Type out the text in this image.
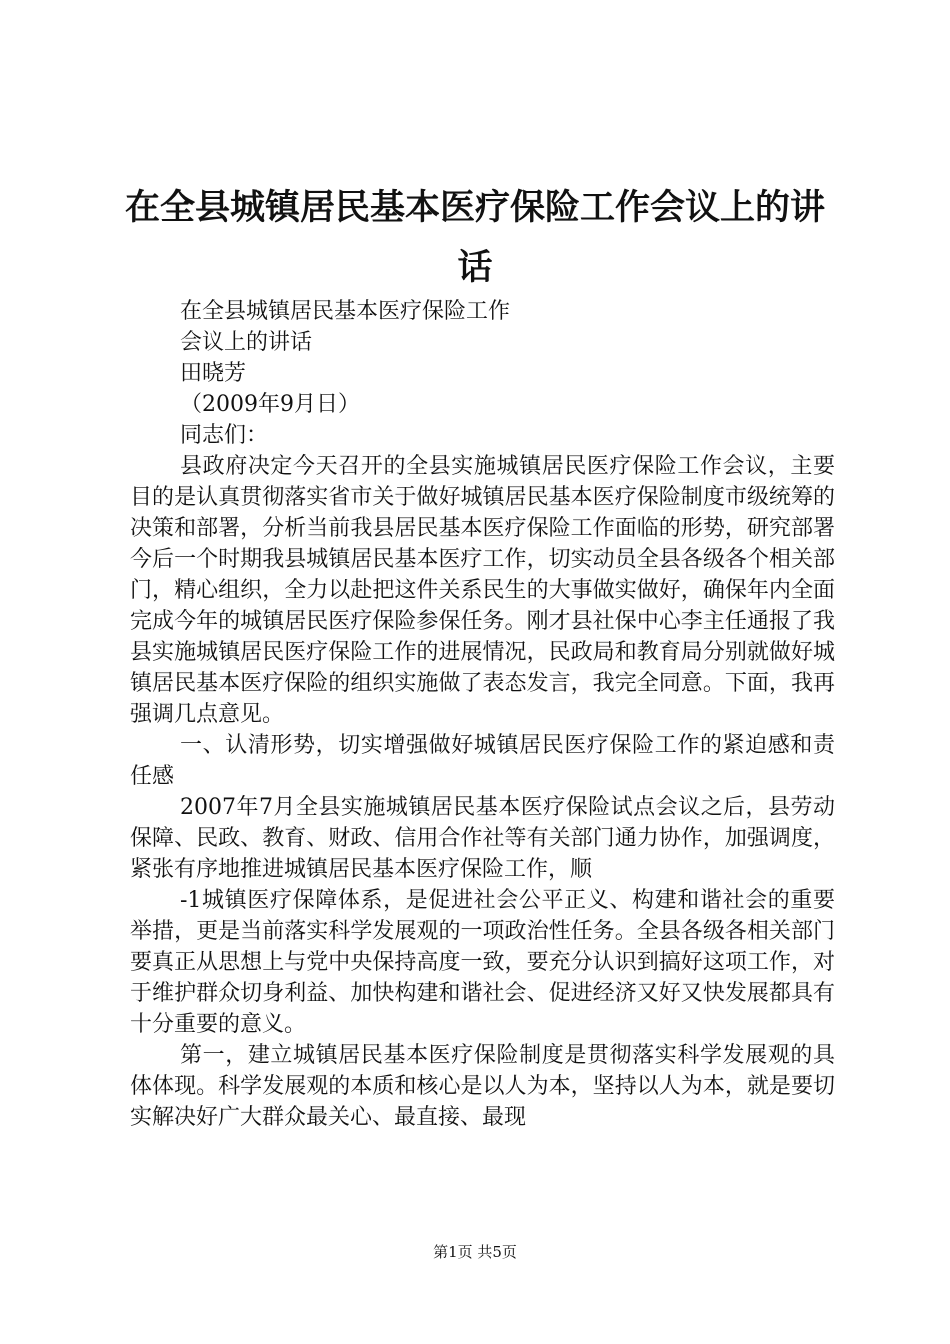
在全县城镇居民基本医疗保险工作会议上的讲话

在全县城镇居民基本医疗保险工作

会议上的讲话

田晓芳

（2009年9月日）

同志们：

县政府决定今天召开的全县实施城镇居民医疗保险工作会议，主要目的是认真贯彻落实省市关于做好城镇居民基本医疗保险制度市级统筹的决策和部署，分析当前我县居民基本医疗保险工作面临的形势，研究部署今后一个时期我县城镇居民基本医疗工作，切实动员全县各级各个相关部门，精心组织，全力以赴把这件关系民生的大事做实做好，确保年内全面完成今年的城镇居民医疗保险参保任务。刚才县社保中心李主任通报了我县实施城镇居民医疗保险工作的进展情况，民政局和教育局分别就做好城镇居民基本医疗保险的组织实施做了表态发言，我完全同意。下面，我再强调几点意见。

一、认清形势，切实增强做好城镇居民医疗保险工作的紧迫感和责任感

2007年7月全县实施城镇居民基本医疗保险试点会议之后，县劳动保障、民政、教育、财政、信用合作社等有关部门通力协作，加强调度，紧张有序地推进城镇居民基本医疗保险工作，顺

-1城镇医疗保障体系，是促进社会公平正义、构建和谐社会的重要举措，更是当前落实科学发展观的一项政治性任务。全县各级各相关部门要真正从思想上与党中央保持高度一致，要充分认识到搞好这项工作，对于维护群众切身利益、加快构建和谐社会、促进经济又好又快发展都具有十分重要的意义。

第一，建立城镇居民基本医疗保险制度是贯彻落实科学发展观的具体体现。科学发展观的本质和核心是以人为本，坚持以人为本，就是要切实解决好广大群众最关心、最直接、最现

第1页 共5页
